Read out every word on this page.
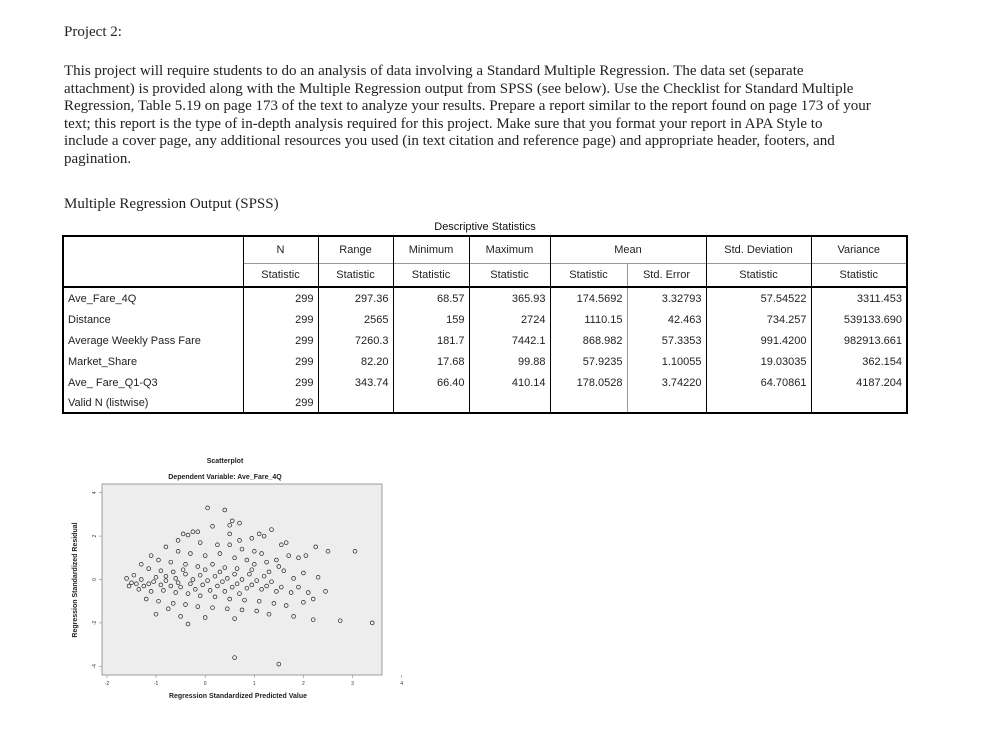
Project 2:
This project will require students to do an analysis of data involving a Standard Multiple Regression. The data set (separate
attachment) is provided along with the Multiple Regression output from SPSS (see below). Use the Checklist for Standard Multiple
Regression, Table 5.19 on page 173 of the text to analyze your results. Prepare a report similar to the report found on page 173 of your
text; this report is the type of in-depth analysis required for this project. Make sure that you format your report in APA Style to
include a cover page, any additional resources you used (in text citation and reference page) and appropriate header, footers, and
pagination.
Multiple Regression Output (SPSS)
Descriptive Statistics
	N	Range	Minimum	Maximum	Mean		Std. Deviation	Variance
	Statistic	Statistic	Statistic	Statistic	Statistic	Std. Error	Statistic	Statistic
Ave_Fare_4Q	299	297.36	68.57	365.93	174.5692	3.32793	57.54522	3311.453
Distance	299	2565	159	2724	1110.15	42.463	734.257	539133.690
Average Weekly Pass Fare	299	7260.3	181.7	7442.1	868.982	57.3353	991.4200	982913.661
Market_Share	299	82.20	17.68	99.88	57.9235	1.10055	19.03035	362.154
Ave_ Fare_Q1-Q3	299	343.74	66.40	410.14	178.0528	3.74220	64.70861	4187.204
Valid N (listwise)	299							
Scatterplot
Dependent Variable: Ave_Fare_4Q
-4
-2
0
2
4
-2	-1	0	1	2	3	4
Regression Standardized Predicted Value
Regression Standardized Residual
